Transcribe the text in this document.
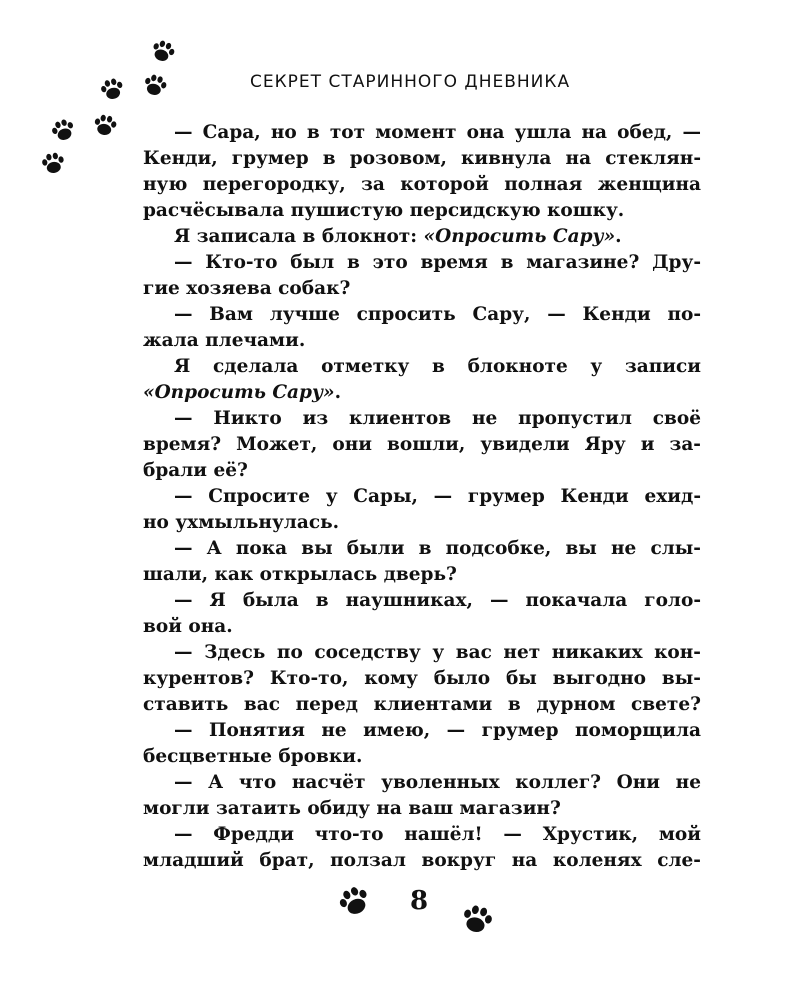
СЕКРЕТ СТАРИННОГО ДНЕВНИКА
— Сара, но в тот момент она ушла на обед, —
Кенди, грумер в розовом, кивнула на стеклян-
ную перегородку, за которой полная женщина
расчёсывала пушистую персидскую кошку.
Я записала в блокнот: «Опросить Сару».
— Кто-то был в это время в магазине? Дру-
гие хозяева собак?
— Вам лучше спросить Сару, — Кенди по-
жала плечами.
Я сделала отметку в блокноте у записи
«Опросить Сару».
— Никто из клиентов не пропустил своё
время? Может, они вошли, увидели Яру и за-
брали её?
— Спросите у Сары, — грумер Кенди ехид-
но ухмыльнулась.
— А пока вы были в подсобке, вы не слы-
шали, как открылась дверь?
— Я была в наушниках, — покачала голо-
вой она.
— Здесь по соседству у вас нет никаких кон-
курентов? Кто-то, кому было бы выгодно вы-
ставить вас перед клиентами в дурном свете?
— Понятия не имею, — грумер поморщила
бесцветные бровки.
— А что насчёт уволенных коллег? Они не
могли затаить обиду на ваш магазин?
— Фредди что-то нашёл! — Хрустик, мой
младший брат, ползал вокруг на коленях сле-
8
